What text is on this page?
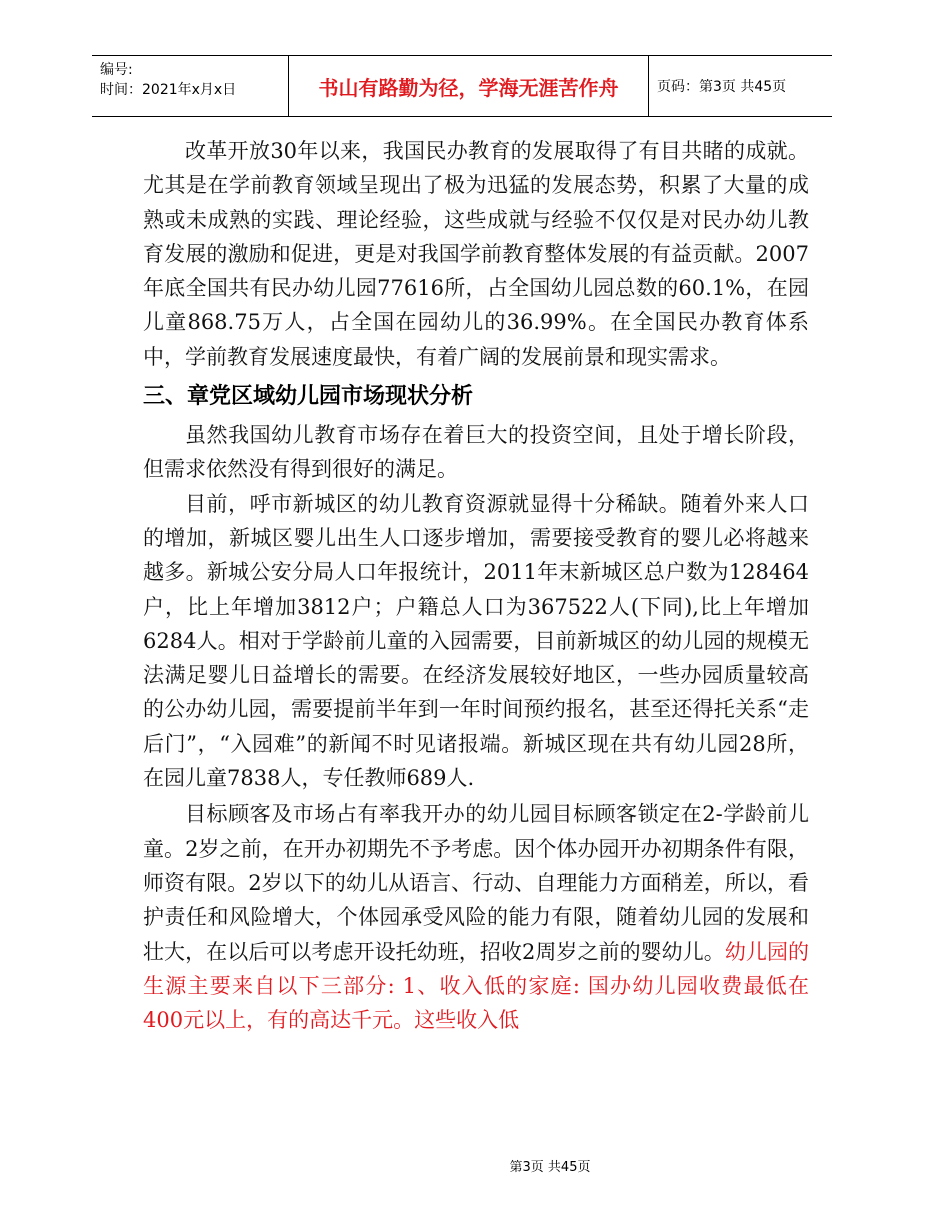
编号:
时间：2021年x月x日	书山有路勤为径，学海无涯苦作舟	页码：第3页 共45页

改革开放30年以来，我国民办教育的发展取得了有目共睹的成就。尤其是在学前教育领域呈现出了极为迅猛的发展态势，积累了大量的成熟或未成熟的实践、理论经验，这些成就与经验不仅仅是对民办幼儿教育发展的激励和促进，更是对我国学前教育整体发展的有益贡献。2007年底全国共有民办幼儿园77616所，占全国幼儿园总数的60.1%，在园儿童868.75万人，占全国在园幼儿的36.99%。在全国民办教育体系中，学前教育发展速度最快，有着广阔的发展前景和现实需求。

三、章党区域幼儿园市场现状分析

虽然我国幼儿教育市场存在着巨大的投资空间，且处于增长阶段，但需求依然没有得到很好的满足。

目前，呼市新城区的幼儿教育资源就显得十分稀缺。随着外来人口的增加，新城区婴儿出生人口逐步增加，需要接受教育的婴儿必将越来越多。新城公安分局人口年报统计，2011年末新城区总户数为128464户，比上年增加3812户；户籍总人口为367522人(下同),比上年增加6284人。相对于学龄前儿童的入园需要，目前新城区的幼儿园的规模无法满足婴儿日益增长的需要。在经济发展较好地区，一些办园质量较高的公办幼儿园，需要提前半年到一年时间预约报名，甚至还得托关系“走后门”，“入园难”的新闻不时见诸报端。新城区现在共有幼儿园28所，在园儿童7838人，专任教师689人.

目标顾客及市场占有率我开办的幼儿园目标顾客锁定在2-学龄前儿童。2岁之前，在开办初期先不予考虑。因个体办园开办初期条件有限，师资有限。2岁以下的幼儿从语言、行动、自理能力方面稍差，所以，看护责任和风险增大，个体园承受风险的能力有限，随着幼儿园的发展和壮大，在以后可以考虑开设托幼班，招收2周岁之前的婴幼儿。幼儿园的生源主要来自以下三部分: 1、收入低的家庭: 国办幼儿园收费最低在400元以上，有的高达千元。这些收入低

第3页 共45页
